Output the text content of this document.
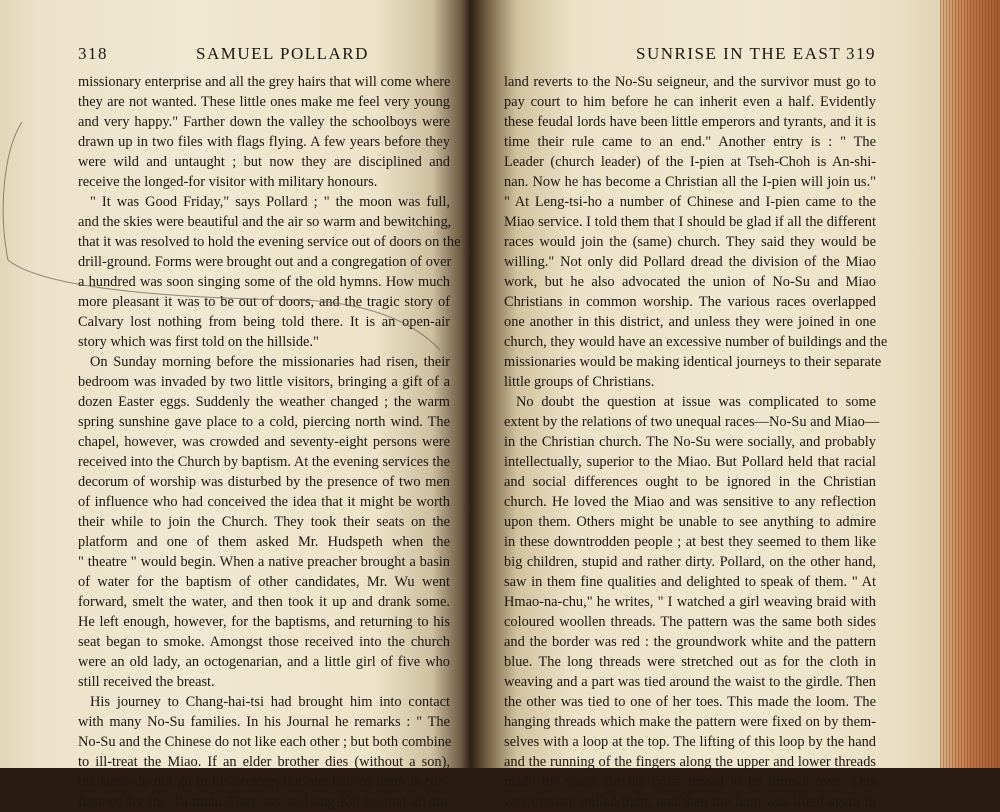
318	SAMUEL POLLARD
missionary enterprise and all the grey hairs that will come where
they are not wanted. These little ones make me feel very young
and very happy." Farther down the valley the schoolboys were
drawn up in two files with flags flying. A few years before they
were wild and untaught ; but now they are disciplined and
receive the longed-for visitor with military honours.
" It was Good Friday," says Pollard ; " the moon was full,
and the skies were beautiful and the air so warm and bewitching,
that it was resolved to hold the evening service out of doors on the
drill-ground. Forms were brought out and a congregation of over
a hundred was soon singing some of the old hymns. How much
more pleasant it was to be out of doors, and the tragic story of
Calvary lost nothing from being told there. It is an open-air
story which was first told on the hillside."
On Sunday morning before the missionaries had risen, their
bedroom was invaded by two little visitors, bringing a gift of a
dozen Easter eggs. Suddenly the weather changed ; the warm
spring sunshine gave place to a cold, piercing north wind. The
chapel, however, was crowded and seventy-eight persons were
received into the Church by baptism. At the evening services the
decorum of worship was disturbed by the presence of two men
of influence who had conceived the idea that it might be worth
their while to join the Church. They took their seats on the
platform and one of them asked Mr. Hudspeth when the
" theatre " would begin. When a native preacher brought a basin
of water for the baptism of other candidates, Mr. Wu went
forward, smelt the water, and then took it up and drank some.
He left enough, however, for the baptisms, and returning to his
seat began to smoke. Amongst those received into the church
were an old lady, an octogenarian, and a little girl of five who
still received the breast.
His journey to Chang-hai-tsi had brought him into contact
with many No-Su families. In his Journal he remarks : " The
No-Su and the Chinese do not like each other ; but both combine
to ill-treat the Miao. If an elder brother dies (without a son),
his lands do not go to his brother, but one half of them is con-
fiscated by the Tu-muh. They say at Long-Kai-tsi that all the
SUNRISE IN THE EAST 319
land reverts to the No-Su seigneur, and the survivor must go to
pay court to him before he can inherit even a half. Evidently
these feudal lords have been little emperors and tyrants, and it is
time their rule came to an end." Another entry is : " The
Leader (church leader) of the I-pien at Tseh-Choh is An-shi-
nan. Now he has become a Christian all the I-pien will join us."
" At Leng-tsi-ho a number of Chinese and I-pien came to the
Miao service. I told them that I should be glad if all the different
races would join the (same) church. They said they would be
willing." Not only did Pollard dread the division of the Miao
work, but he also advocated the union of No-Su and Miao
Christians in common worship. The various races overlapped
one another in this district, and unless they were joined in one
church, they would have an excessive number of buildings and the
missionaries would be making identical journeys to their separate
little groups of Christians.
No doubt the question at issue was complicated to some
extent by the relations of two unequal races—No-Su and Miao—
in the Christian church. The No-Su were socially, and probably
intellectually, superior to the Miao. But Pollard held that racial
and social differences ought to be ignored in the Christian
church. He loved the Miao and was sensitive to any reflection
upon them. Others might be unable to see anything to admire
in these downtrodden people ; at best they seemed to them like
big children, stupid and rather dirty. Pollard, on the other hand,
saw in them fine qualities and delighted to speak of them. " At
Hmao-na-chu," he writes, " I watched a girl weaving braid with
coloured woollen threads. The pattern was the same both sides
and the border was red : the groundwork white and the pattern
blue. The long threads were stretched out as for the cloth in
weaving and a part was tied around the waist to the girdle. Then
the other was tied to one of her toes. This made the loom. The
hanging threads which make the pattern were fixed on by them-
selves with a loop at the top. The lifting of this loop by the hand
and the running of the fingers along the upper and lower threads
made the space for the cross thread to be thrown over. This
was thrown, pulled tight, and then the loop was lifted again in
